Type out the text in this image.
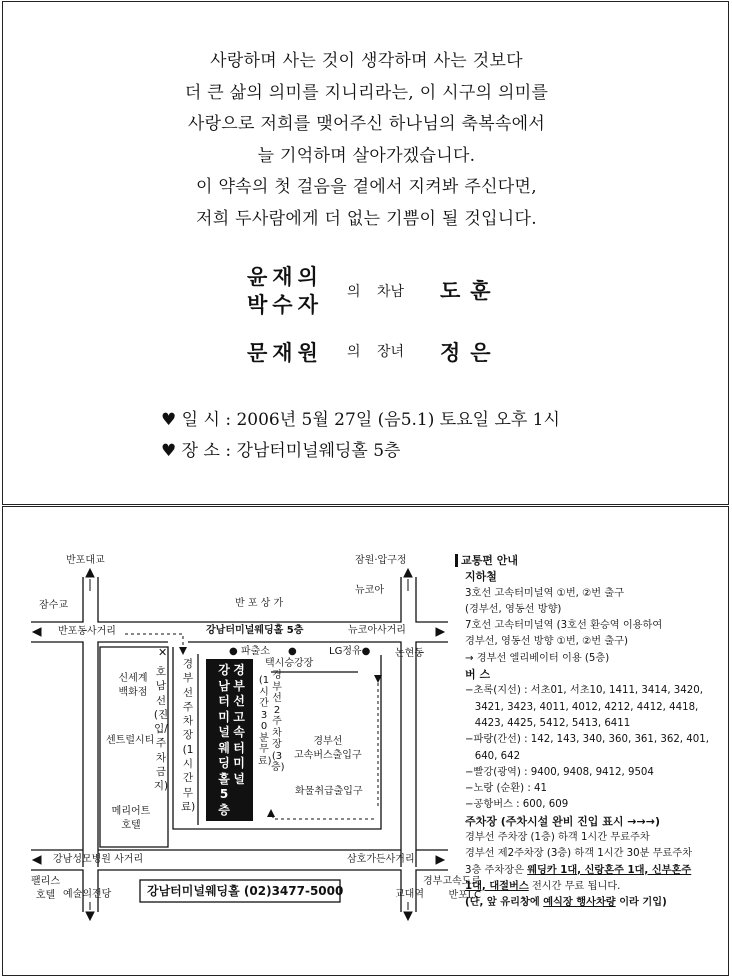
사랑하며 사는 것이 생각하며 사는 것보다
더 큰 삶의 의미를 지니리라는, 이 시구의 의미를
사랑으로 저희를 맺어주신 하나님의 축복속에서
늘 기억하며 살아가겠습니다.
이 약속의 첫 걸음을 곁에서 지켜봐 주신다면,
저희 두사람에게 더 없는 기쁨이 될 것입니다.
윤재의
박수자
의 차남 도훈
문재원 의 장녀 정은
♥ 일 시 : 2006년 5월 27일 (음5.1) 토요일 오후 1시
♥ 장 소 : 강남터미널웨딩홀 5층
반포대교	잠원·압구정
잠수교
뉴코아
반 포 상 가
반포동사거리	강남터미널웨딩홀 5층	뉴코아사거리
● 파출소 ●
택시승강장
LG정유● 논현동
신세계
백화점
센트럴시티
메리어트
호텔
✕
호남선(진입/주차금지)
경부선주차장(1시간무료)
강남터미널웨딩홀5층
경부선고속터미널
(1시간30분무료)
경부선2주차장(3층)
경부선
고속버스출입구
화물취급출입구
강남성모병원 사거리	삼호가든사거리
팰리스
호텔 예술의전당
경부고속도로
반포I.C
교대역
강남터미널웨딩홀 (02)3477-5000
교통편 안내
지하철
3호선 고속터미널역 ①번, ②번 출구
(경부선, 영동선 방향)
7호선 고속터미널역 (3호선 환승역 이용하여
경부선, 영동선 방향 ①번, ②번 출구)
→ 경부선 엘리베이터 이용 (5층)
버 스
−초록(지선) : 서초01, 서초10, 1411, 3414, 3420,
3421, 3423, 4011, 4012, 4212, 4412, 4418,
4423, 4425, 5412, 5413, 6411
−파랑(간선) : 142, 143, 340, 360, 361, 362, 401,
640, 642
−빨강(광역) : 9400, 9408, 9412, 9504
−노랑 (순환) : 41
−공항버스 : 600, 609
주차장 (주차시설 완비 진입 표시 →→→)
경부선 주차장 (1층) 하객 1시간 무료주차
경부선 제2주차장 (3층) 하객 1시간 30분 무료주차
3층 주차장은 웨딩카 1대, 신랑혼주 1대, 신부혼주
1대, 대절버스 전시간 무료 됩니다.
(단, 앞 유리창에 예식장 행사차량 이라 기입)
